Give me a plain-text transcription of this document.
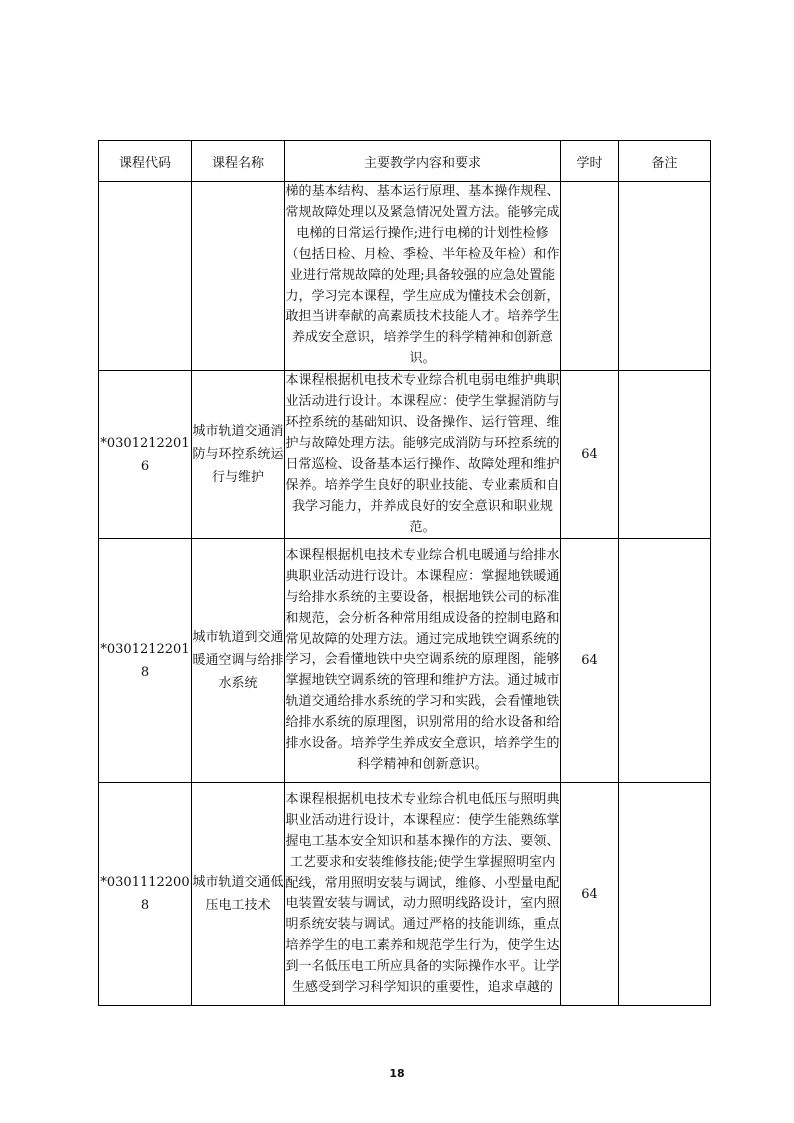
课程代码	课程名称	主要教学内容和要求	学时	备注
		梯的基本结构、基本运行原理、基本操作规程、常规故障处理以及紧急情况处置方法。能够完成电梯的日常运行操作;进行电梯的计划性检修（包括日检、月检、季检、半年检及年检）和作业进行常规故障的处理;具备较强的应急处置能力，学习完本课程，学生应成为懂技术会创新，敢担当讲奉献的高素质技术技能人才。培养学生养成安全意识，培养学生的科学精神和创新意识。		
*03012122016	城市轨道交通消防与环控系统运行与维护	本课程根据机电技术专业综合机电弱电维护典职业活动进行设计。本课程应：使学生掌握消防与环控系统的基础知识、设备操作、运行管理、维护与故障处理方法。能够完成消防与环控系统的日常巡检、设备基本运行操作、故障处理和维护保养。培养学生良好的职业技能、专业素质和自我学习能力，并养成良好的安全意识和职业规范。	64	
*03012122018	城市轨道到交通暖通空调与给排水系统	本课程根据机电技术专业综合机电暖通与给排水典职业活动进行设计。本课程应：掌握地铁暖通与给排水系统的主要设备，根据地铁公司的标准和规范，会分析各种常用组成设备的控制电路和常见故障的处理方法。通过完成地铁空调系统的学习，会看懂地铁中央空调系统的原理图，能够掌握地铁空调系统的管理和维护方法。通过城市轨道交通给排水系统的学习和实践，会看懂地铁给排水系统的原理图，识别常用的给水设备和给排水设备。培养学生养成安全意识，培养学生的科学精神和创新意识。	64	
*03011122008	城市轨道交通低压电工技术	本课程根据机电技术专业综合机电低压与照明典职业活动进行设计，本课程应：使学生能熟练掌握电工基本安全知识和基本操作的方法、要领、工艺要求和安装维修技能;使学生掌握照明室内配线，常用照明安装与调试，维修、小型量电配电装置安装与调试，动力照明线路设计，室内照明系统安装与调试。通过严格的技能训练，重点培养学生的电工素养和规范学生行为，使学生达到一名低压电工所应具备的实际操作水平。让学生感受到学习科学知识的重要性，追求卓越的	64	
18
